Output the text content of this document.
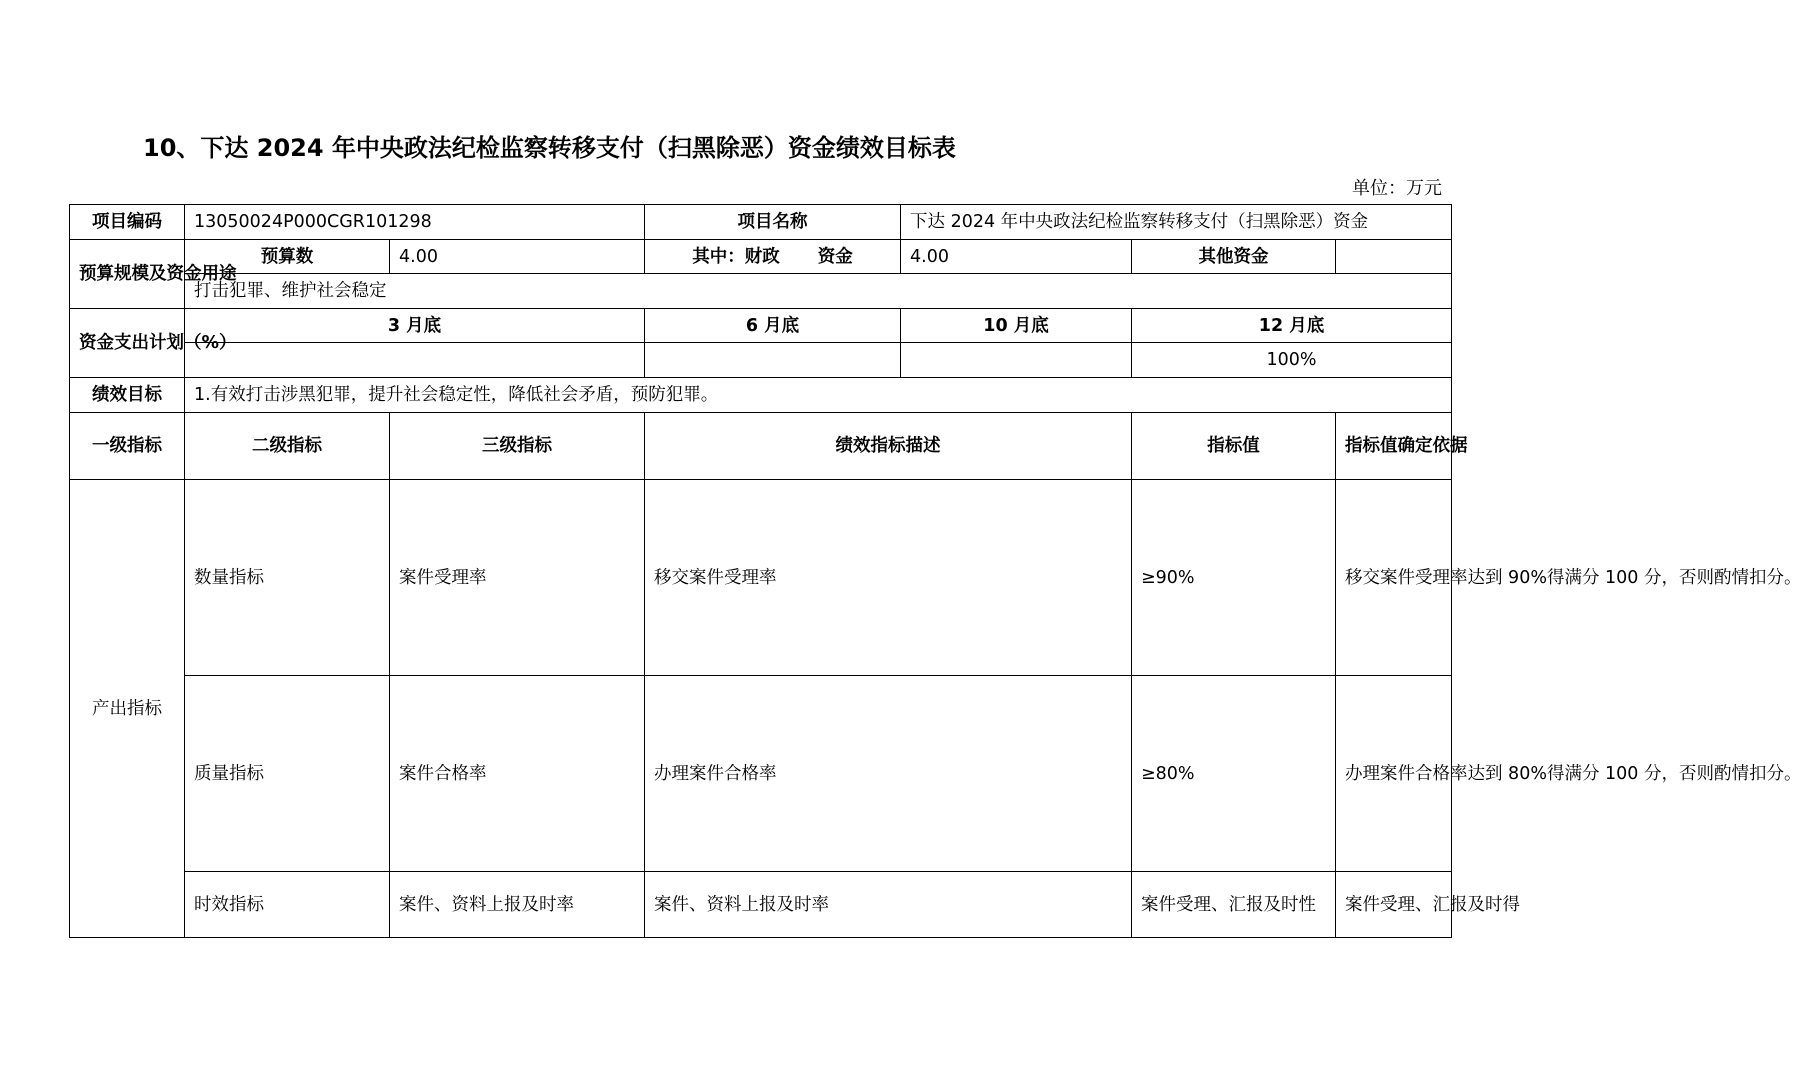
10、下达 2024 年中央政法纪检监察转移支付（扫黑除恶）资金绩效目标表
单位：万元
项目编码	13050024P000CGR101298		项目名称	下达 2024 年中央政法纪检监察转移支付（扫黑除恶）资金		
预算规模及资金用途	预算数	4.00	其中：财政 资金	4.00	其他资金	
	打击犯罪、维护社会稳定					
资金支出计划（%）	3 月底		6 月底	10 月底	12 月底	
					100%	
绩效目标	1.有效打击涉黑犯罪，提升社会稳定性，降低社会矛盾，预防犯罪。					
一级指标	二级指标	三级指标	绩效指标描述		指标值	指标值确定依据
产出指标	数量指标	案件受理率	移交案件受理率		≥90%	移交案件受理率达到 90%得满分 100 分，否则酌情扣分。
	质量指标	案件合格率	办理案件合格率		≥80%	办理案件合格率达到 80%得满分 100 分，否则酌情扣分。
	时效指标	案件、资料上报及时率	案件、资料上报及时率		案件受理、汇报及时性	案件受理、汇报及时得
